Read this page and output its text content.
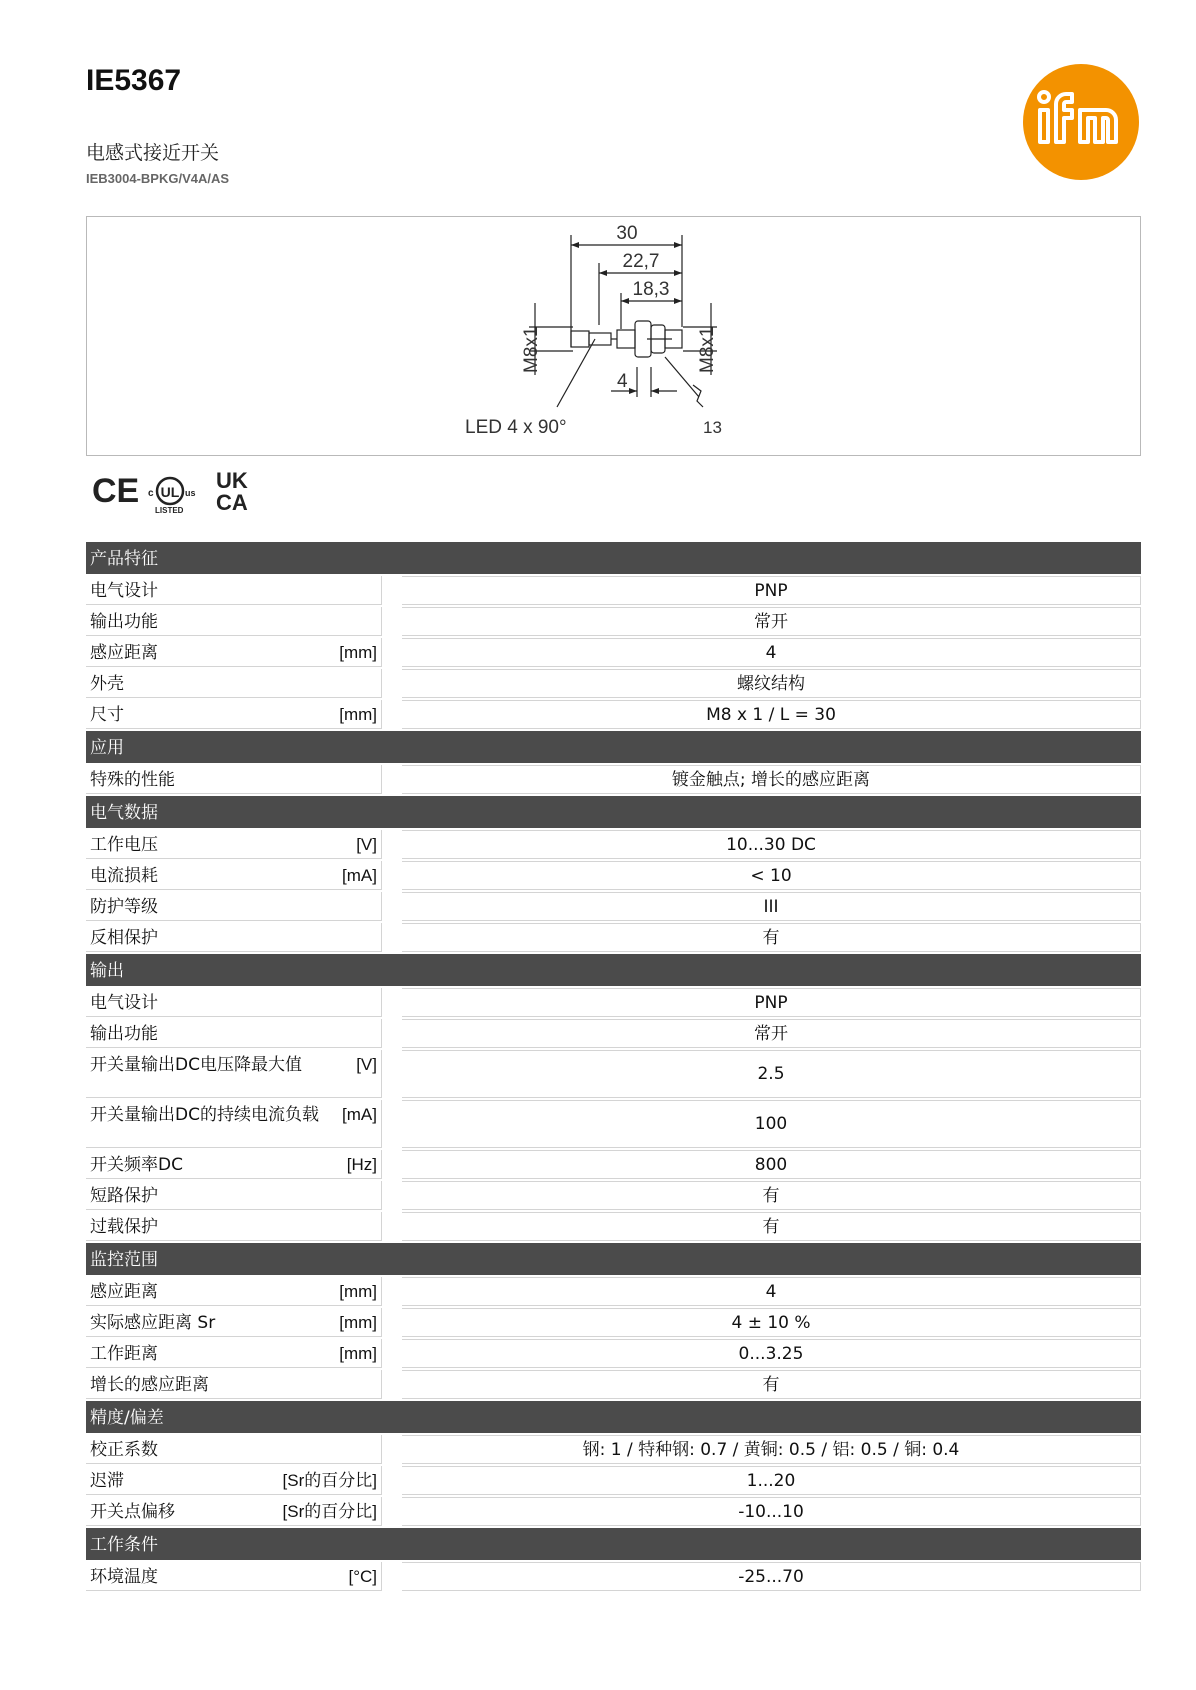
IE5367
电感式接近开关
IEB3004-BPKG/V4A/AS
30
22,7
18,3
M8x1	M8x1
4
LED 4 x 90°	13
CE c UL us
LISTED
UK
CA
产品特征
电气设计	PNP
输出功能	常开
感应距离	[mm]	4
外壳	螺纹结构
尺寸	[mm]	M8 x 1 / L = 30
应用
特殊的性能	镀金触点; 增长的感应距离
电气数据
工作电压	[V]	10...30 DC
电流损耗	[mA]	< 10
防护等级	III
反相保护	有
输出
电气设计	PNP
输出功能	常开
开关量输出DC电压降最大值	[V]	2.5
开关量输出DC的持续电流负载 [mA]	100
开关频率DC	[Hz]	800
短路保护	有
过载保护	有
监控范围
感应距离	[mm]	4
实际感应距离 Sr	[mm]	4 ± 10 %
工作距离	[mm]	0...3.25
增长的感应距离	有
精度/偏差
校正系数	钢: 1 / 特种钢: 0.7 / 黄铜: 0.5 / 铝: 0.5 / 铜: 0.4
迟滞	[Sr的百分比]	1...20
开关点偏移	[Sr的百分比]	-10...10
工作条件
环境温度	[°C]	-25...70
